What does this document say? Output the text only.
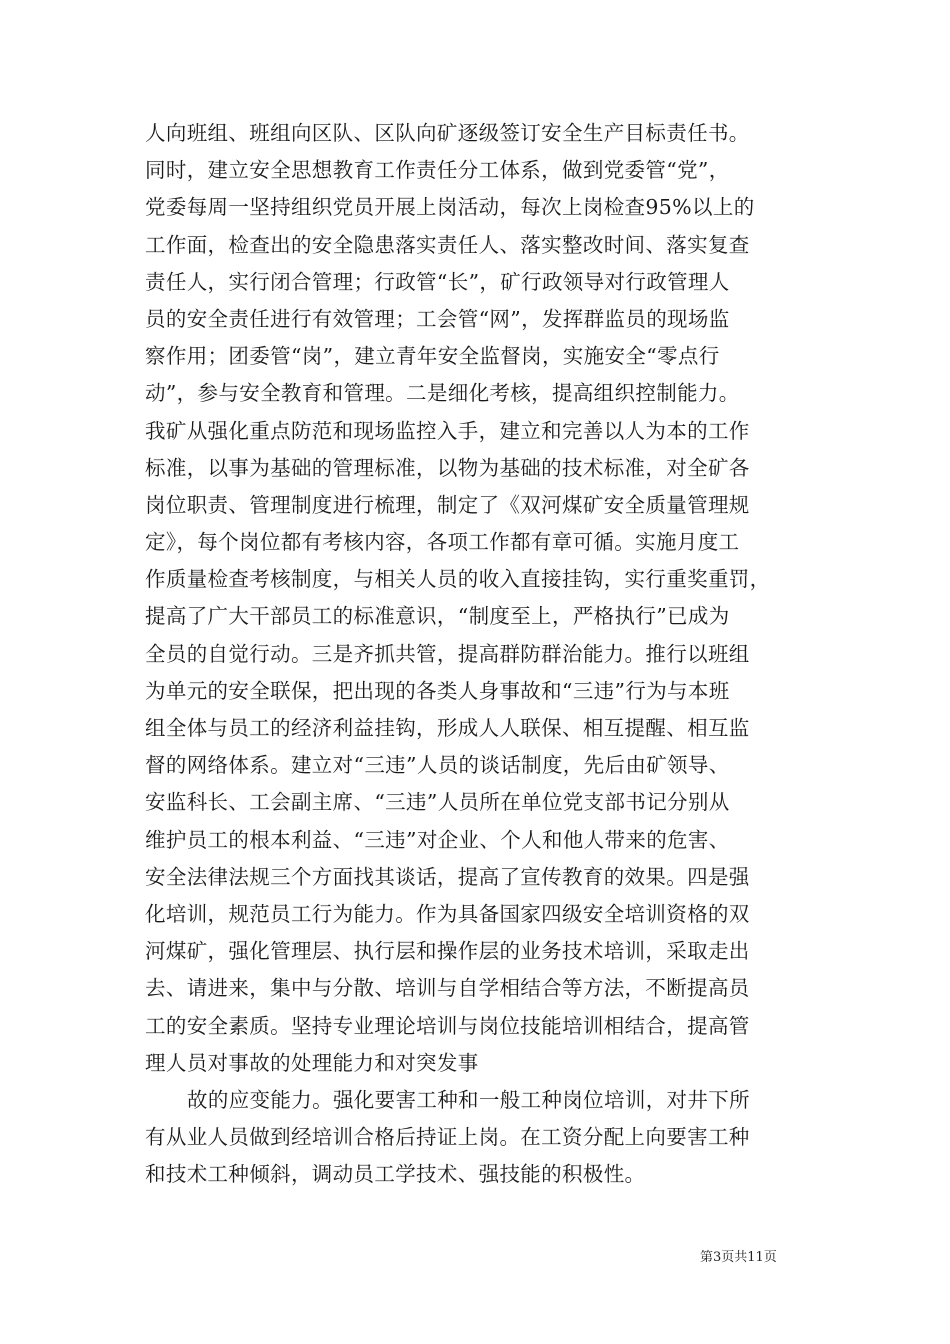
人向班组、班组向区队、区队向矿逐级签订安全生产目标责任书。
同时，建立安全思想教育工作责任分工体系，做到党委管“党”，
党委每周一坚持组织党员开展上岗活动，每次上岗检查95%以上的
工作面，检查出的安全隐患落实责任人、落实整改时间、落实复查
责任人，实行闭合管理；行政管“长”，矿行政领导对行政管理人
员的安全责任进行有效管理；工会管“网”，发挥群监员的现场监
察作用；团委管“岗”，建立青年安全监督岗，实施安全“零点行
动”，参与安全教育和管理。二是细化考核，提高组织控制能力。
我矿从强化重点防范和现场监控入手，建立和完善以人为本的工作
标准，以事为基础的管理标准，以物为基础的技术标准，对全矿各
岗位职责、管理制度进行梳理，制定了《双河煤矿安全质量管理规
定》，每个岗位都有考核内容，各项工作都有章可循。实施月度工
作质量检查考核制度，与相关人员的收入直接挂钩，实行重奖重罚，
提高了广大干部员工的标准意识，“制度至上，严格执行”已成为
全员的自觉行动。三是齐抓共管，提高群防群治能力。推行以班组
为单元的安全联保，把出现的各类人身事故和“三违”行为与本班
组全体与员工的经济利益挂钩，形成人人联保、相互提醒、相互监
督的网络体系。建立对“三违”人员的谈话制度，先后由矿领导、
安监科长、工会副主席、“三违”人员所在单位党支部书记分别从
维护员工的根本利益、“三违”对企业、个人和他人带来的危害、
安全法律法规三个方面找其谈话，提高了宣传教育的效果。四是强
化培训，规范员工行为能力。作为具备国家四级安全培训资格的双
河煤矿，强化管理层、执行层和操作层的业务技术培训，采取走出
去、请进来，集中与分散、培训与自学相结合等方法，不断提高员
工的安全素质。坚持专业理论培训与岗位技能培训相结合，提高管
理人员对事故的处理能力和对突发事
故的应变能力。强化要害工种和一般工种岗位培训，对井下所
有从业人员做到经培训合格后持证上岗。在工资分配上向要害工种
和技术工种倾斜，调动员工学技术、强技能的积极性。
第3页共11页
